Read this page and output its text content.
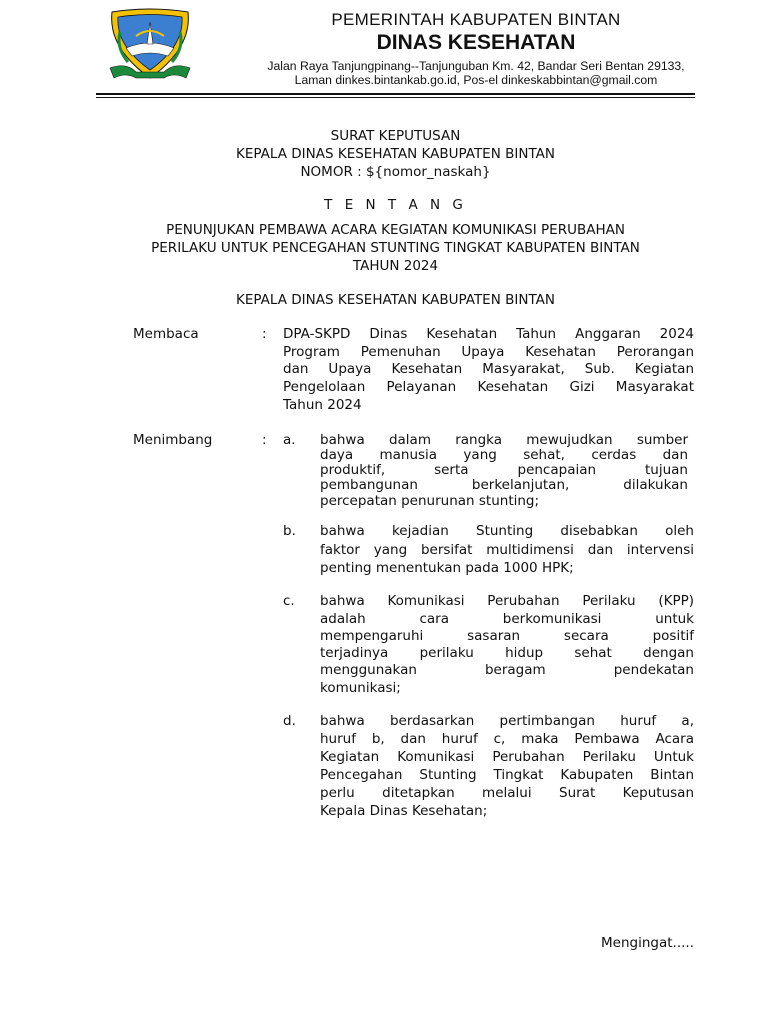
PEMERINTAH KABUPATEN BINTAN
DINAS KESEHATAN
Jalan Raya Tanjungpinang--Tanjunguban Km. 42, Bandar Seri Bentan 29133,
Laman dinkes.bintankab.go.id, Pos-el dinkeskabbintan@gmail.com
SURAT KEPUTUSAN
KEPALA DINAS KESEHATAN KABUPATEN BINTAN
NOMOR : ${nomor_naskah}
T E N T A N G
PENUNJUKAN PEMBAWA ACARA KEGIATAN KOMUNIKASI PERUBAHAN
PERILAKU UNTUK PENCEGAHAN STUNTING TINGKAT KABUPATEN BINTAN
TAHUN 2024
KEPALA DINAS KESEHATAN KABUPATEN BINTAN
Membaca	: DPA-SKPD Dinas Kesehatan Tahun Anggaran 2024
Program Pemenuhan Upaya Kesehatan Perorangan
dan Upaya Kesehatan Masyarakat, Sub. Kegiatan
Pengelolaan Pelayanan Kesehatan Gizi Masyarakat
Tahun 2024
Menimbang	: a. bahwa dalam rangka mewujudkan sumber
daya manusia yang sehat, cerdas dan
produktif, serta pencapaian tujuan
pembangunan berkelanjutan, dilakukan
percepatan penurunan stunting;
b. bahwa kejadian Stunting disebabkan oleh
faktor yang bersifat multidimensi dan intervensi
penting menentukan pada 1000 HPK;
c. bahwa Komunikasi Perubahan Perilaku (KPP)
adalah cara berkomunikasi untuk
mempengaruhi sasaran secara positif
terjadinya perilaku hidup sehat dengan
menggunakan beragam pendekatan
komunikasi;
d. bahwa berdasarkan pertimbangan huruf a,
huruf b, dan huruf c, maka Pembawa Acara
Kegiatan Komunikasi Perubahan Perilaku Untuk
Pencegahan Stunting Tingkat Kabupaten Bintan
perlu ditetapkan melalui Surat Keputusan
Kepala Dinas Kesehatan;
Mengingat.....
